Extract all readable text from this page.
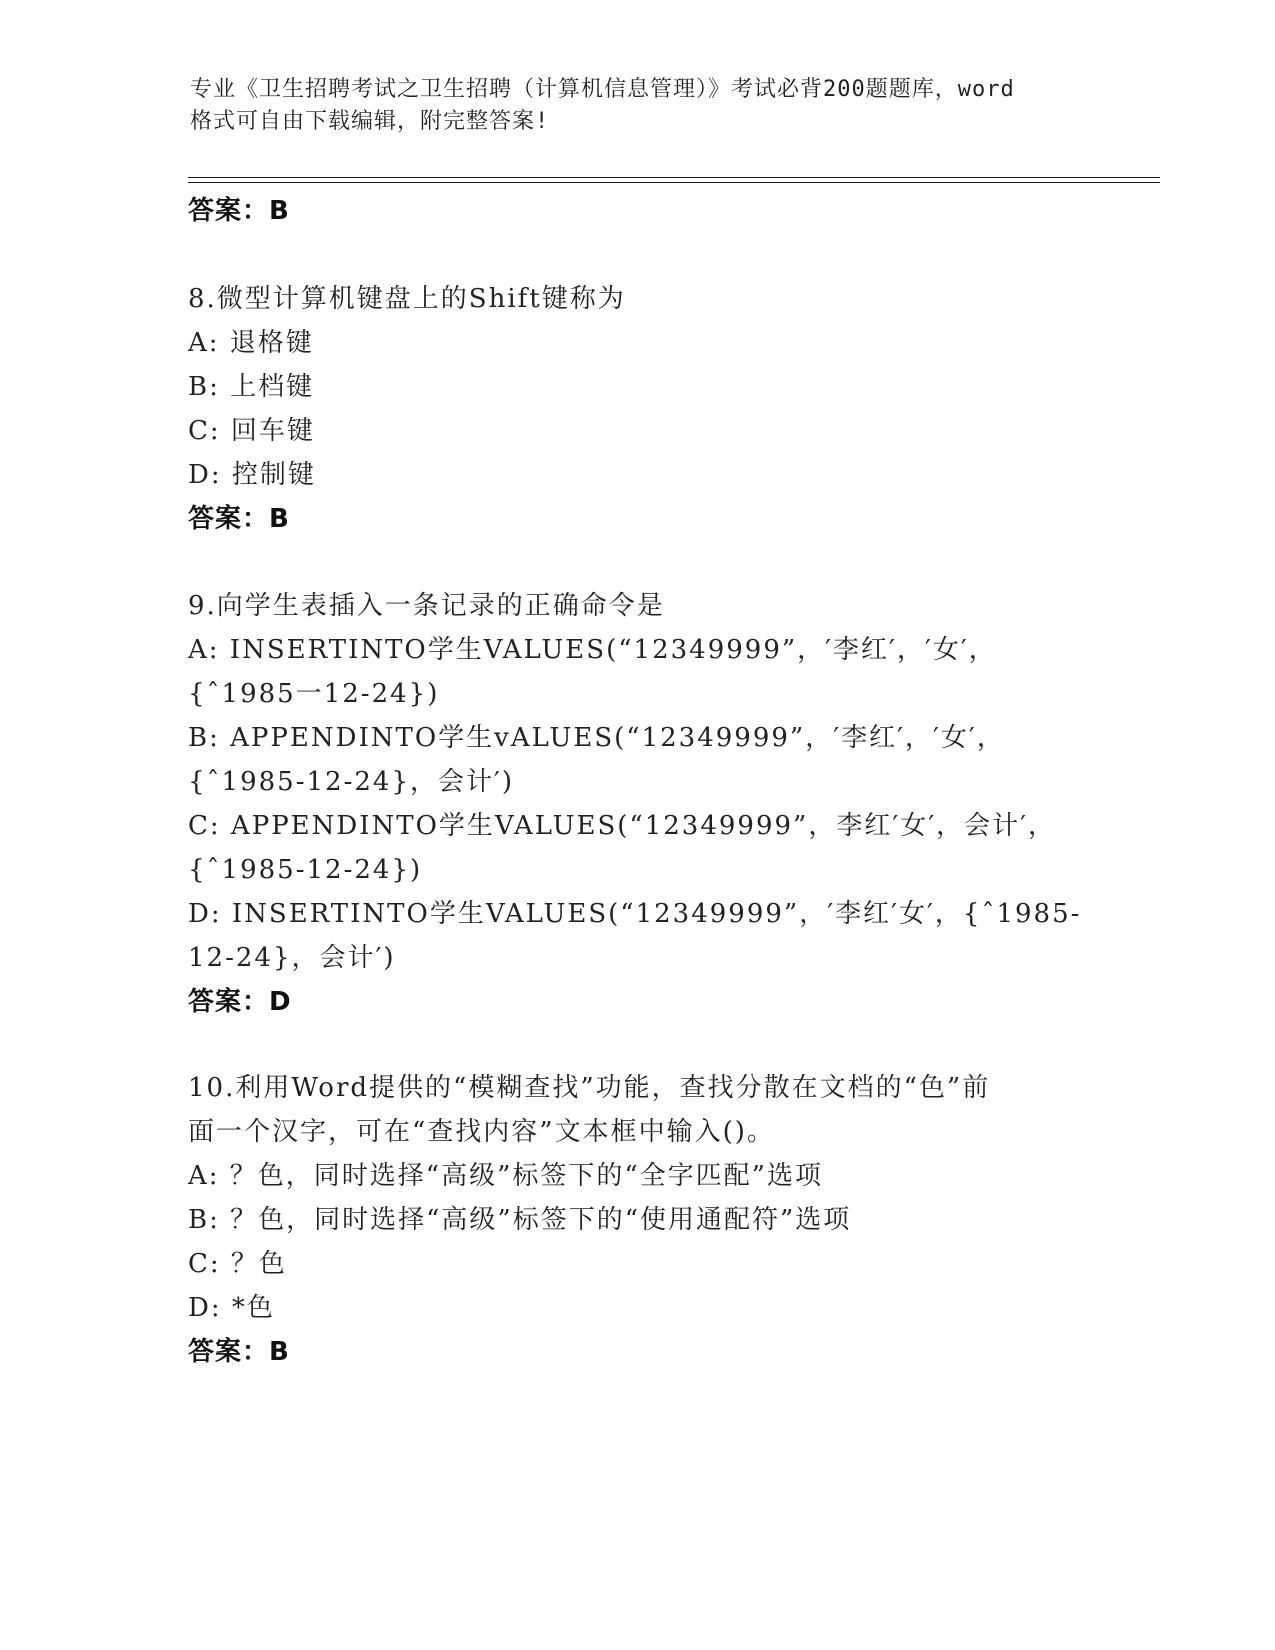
专业《卫生招聘考试之卫生招聘（计算机信息管理）》考试必背200题题库，word
格式可自由下载编辑，附完整答案!
答案：B
8.微型计算机键盘上的Shift键称为
A: 退格键
B: 上档键
C: 回车键
D: 控制键
答案：B
9.向学生表插入一条记录的正确命令是
A: INSERTINTO学生VALUES(“12349999”，′李红′，′女′，
{ˆ1985一12-24})
B: APPENDINTO学生vALUES(“12349999”，′李红′，′女′，
{ˆ1985-12-24}，会计′)
C: APPENDINTO学生VALUES(“12349999”，李红′女′，会计′，
{ˆ1985-12-24})
D: INSERTINTO学生VALUES(“12349999”，′李红′女′，{ˆ1985-
12-24}，会计′)
答案：D
10.利用Word提供的“模糊查找”功能，查找分散在文档的“色”前
面一个汉字，可在“查找内容”文本框中输入()。
A: ？色，同时选择“高级”标签下的“全字匹配”选项
B: ？色，同时选择“高级”标签下的“使用通配符”选项
C: ？色
D: *色
答案：B
